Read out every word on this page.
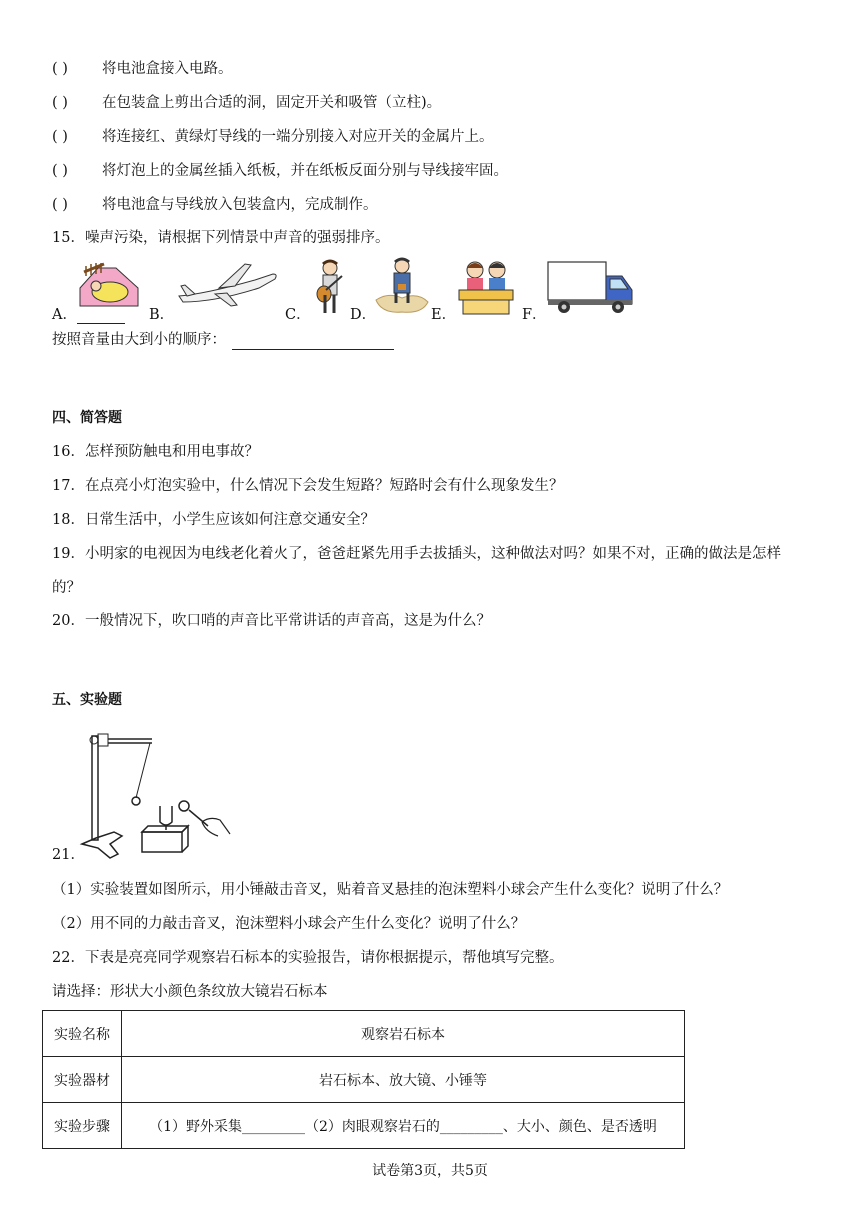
( ) 将电池盒接入电路。
( ) 在包装盒上剪出合适的洞，固定开关和吸管（立柱)。
( ) 将连接红、黄绿灯导线的一端分别接入对应开关的金属片上。
( ) 将灯泡上的金属丝插入纸板，并在纸板反面分别与导线接牢固。
( ) 将电池盒与导线放入包装盒内，完成制作。
15．噪声污染，请根据下列情景中声音的强弱排序。
A．	B．	C．	D．	E．	F．
按照音量由大到小的顺序：
四、简答题
16．怎样预防触电和用电事故？
17．在点亮小灯泡实验中，什么情况下会发生短路？短路时会有什么现象发生？
18．日常生活中，小学生应该如何注意交通安全？
19．小明家的电视因为电线老化着火了，爸爸赶紧先用手去拔插头，这种做法对吗？如果不对，正确的做法是怎样
的？
20．一般情况下，吹口哨的声音比平常讲话的声音高，这是为什么？
五、实验题
21．
（1）实验装置如图所示，用小锤敲击音叉，贴着音叉悬挂的泡沫塑料小球会产生什么变化？说明了什么？
（2）用不同的力敲击音叉，泡沫塑料小球会产生什么变化？说明了什么？
22．下表是亮亮同学观察岩石标本的实验报告，请你根据提示，帮他填写完整。
请选择：形状大小颜色条纹放大镜岩石标本
实验名称	观察岩石标本
实验器材	岩石标本、放大镜、小锤等
实验步骤	（1）野外采集_________（2）肉眼观察岩石的_________、大小、颜色、是否透明
试卷第3页，共5页
